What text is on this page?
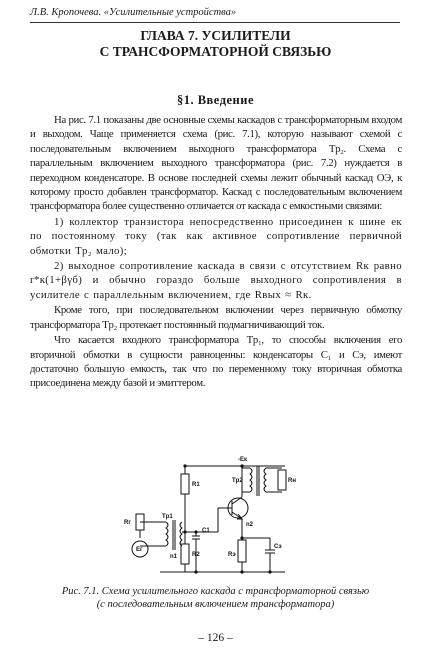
Л.В. Кропочева. «Усилительные устройства»
ГЛАВА 7. УСИЛИТЕЛИ
С ТРАНСФОРМАТОРНОЙ СВЯЗЬЮ
§1. Введение

На рис. 7.1 показаны две основные схемы каскадов с трансформаторным входом и выходом. Чаще применяется схема (рис. 7.1), которую называют схемой с последовательным включением выходного трансформатора Tp₂. Схема с параллельным включением выходного трансформатора (рис. 7.2) нуждается в переходном конденсаторе. В основе последней схемы лежит обычный каскад ОЭ, к которому просто добавлен трансформатор. Каскад с последовательным включением трансформатора более существенно отличается от каскада с емкостными связями:

1) коллектор транзистора непосредственно присоединен к шине ек по постоянному току (так как активное сопротивление первичной обмотки Tp₂ мало);

2) выходное сопротивление каскада в связи с отсутствием Rк равно r*к(1+βγб) и обычно гораздо больше выходного сопротивления в усилителе с параллельным включением, где Rвых ≈ Rк.

Кроме того, при последовательном включении через первичную обмотку трансформатора Tp₂ протекает постоянный подмагничивающий ток.

Что касается входного трансформатора Tp₁, то способы включения его вторичной обмотки в сущности равноценны: конденсаторы C₁ и Cэ, имеют достаточно большую емкость, так что по переменному току вторичная обмотка присоединена между базой и эмиттером.

-Eк
Tp2
Tp1
R1
R2	Rэ
Rг
Rн
C1
Cэ
Eг
n1
n2
Рис. 7.1. Схема усилительного каскада с трансформаторной связью
(с последовательным включением трансформатора)
– 126 –
